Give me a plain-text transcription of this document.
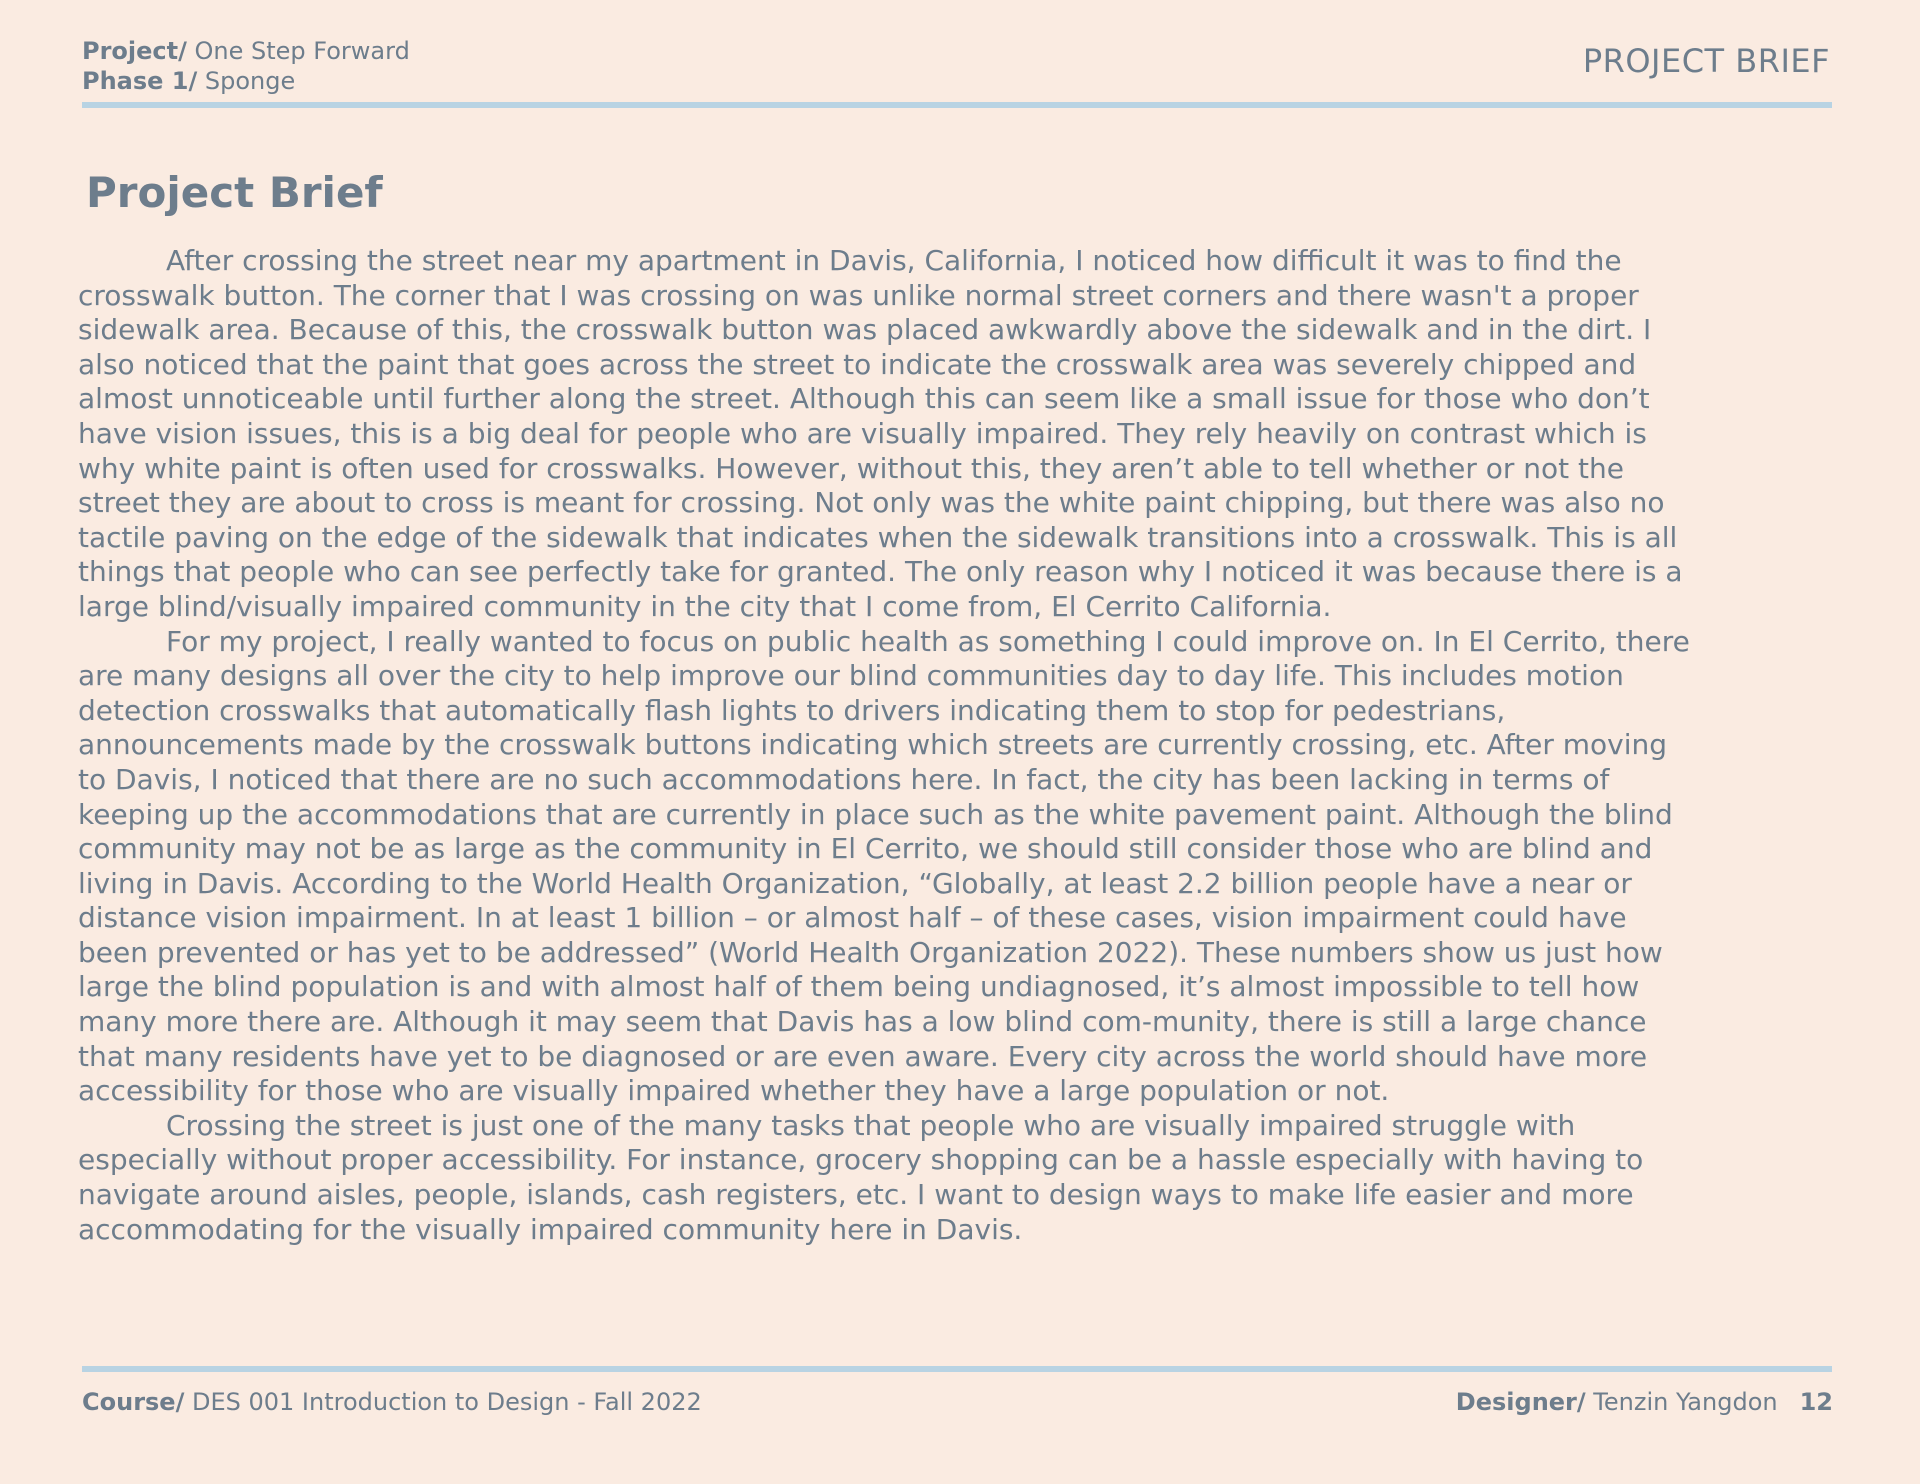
Project/ One Step Forward
Phase 1/ Sponge
PROJECT BRIEF
Project Brief

After crossing the street near my apartment in Davis, California, I noticed how difficult it was to find the crosswalk button. The corner that I was crossing on was unlike normal street corners and there wasn't a proper sidewalk area. Because of this, the crosswalk button was placed awkwardly above the sidewalk and in the dirt. I also noticed that the paint that goes across the street to indicate the crosswalk area was severely chipped and almost unnoticeable until further along the street. Although this can seem like a small issue for those who don’t have vision issues, this is a big deal for people who are visually impaired. They rely heavily on contrast which is why white paint is often used for crosswalks. However, without this, they aren’t able to tell whether or not the street they are about to cross is meant for crossing. Not only was the white paint chipping, but there was also no tactile paving on the edge of the sidewalk that indicates when the sidewalk transitions into a crosswalk. This is all things that people who can see perfectly take for granted. The only reason why I noticed it was because there is a large blind/visually impaired community in the city that I come from, El Cerrito California.

For my project, I really wanted to focus on public health as something I could improve on. In El Cerrito, there are many designs all over the city to help improve our blind communities day to day life. This includes motion detection crosswalks that automatically flash lights to drivers indicating them to stop for pedestrians, announcements made by the crosswalk buttons indicating which streets are currently crossing, etc. After moving to Davis, I noticed that there are no such accommodations here. In fact, the city has been lacking in terms of keeping up the accommodations that are currently in place such as the white pavement paint. Although the blind community may not be as large as the community in El Cerrito, we should still consider those who are blind and living in Davis. According to the World Health Organization, “Globally, at least 2.2 billion people have a near or distance vision impairment. In at least 1 billion – or almost half – of these cases, vision impairment could have been prevented or has yet to be addressed” (World Health Organization 2022). These numbers show us just how large the blind population is and with almost half of them being undiagnosed, it’s almost impossible to tell how many more there are. Although it may seem that Davis has a low blind com-munity, there is still a large chance that many residents have yet to be diagnosed or are even aware. Every city across the world should have more accessibility for those who are visually impaired whether they have a large population or not.

Crossing the street is just one of the many tasks that people who are visually impaired struggle with especially without proper accessibility. For instance, grocery shopping can be a hassle especially with having to navigate around aisles, people, islands, cash registers, etc. I want to design ways to make life easier and more accommodating for the visually impaired community here in Davis.

Course/ DES 001 Introduction to Design - Fall 2022	Designer/ Tenzin Yangdon 12
